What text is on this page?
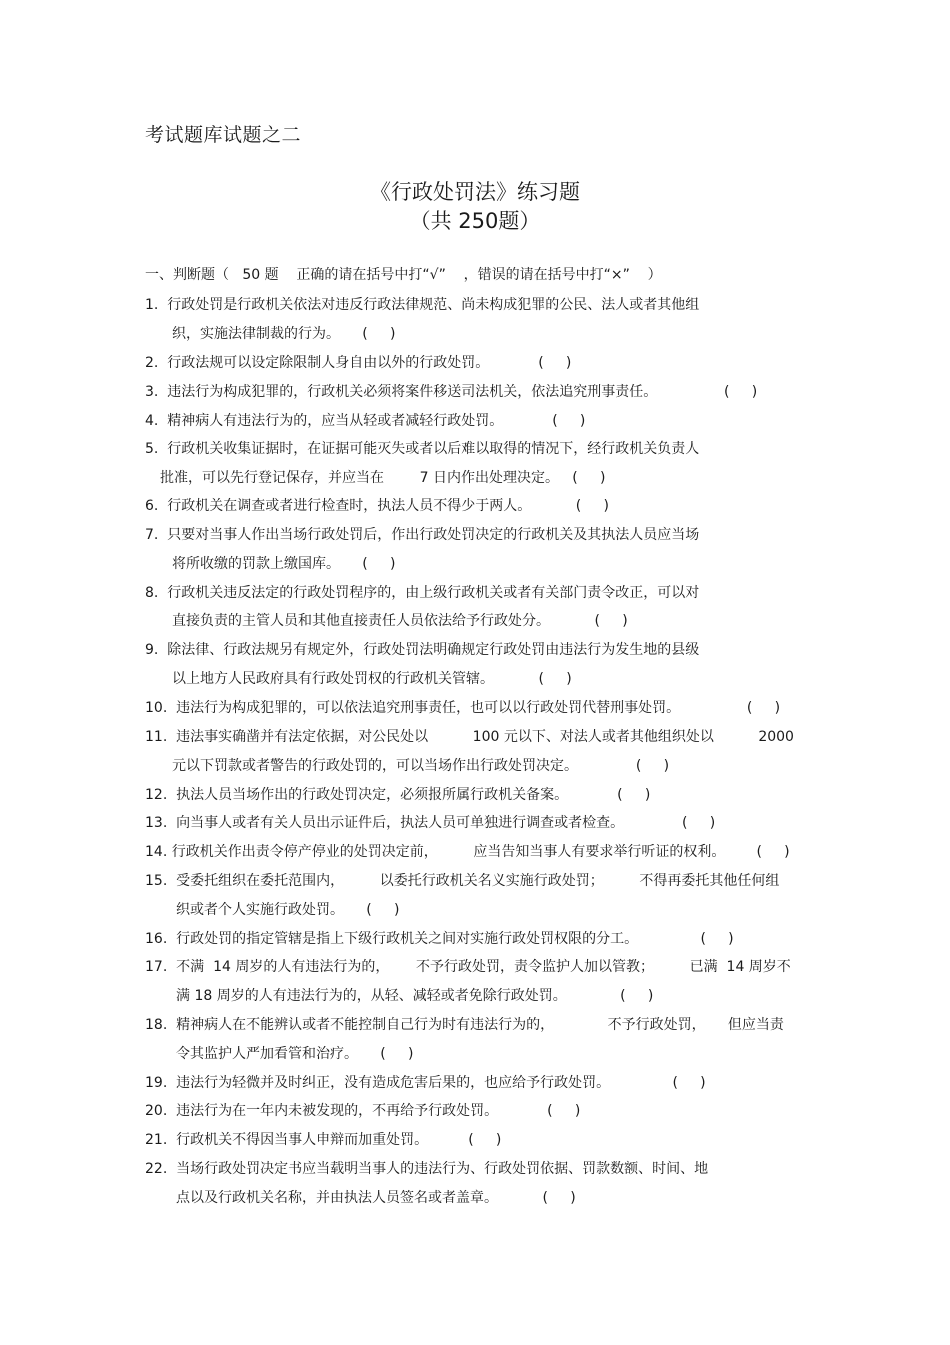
考试题库试题之二
《行政处罚法》练习题
（共 250题）
一、判断题（   50 题    正确的请在括号中打“√”    ，错误的请在括号中打“×”    ）
1.  行政处罚是行政机关依法对违反行政法律规范、尚未构成犯罪的公民、法人或者其他组
织，实施法律制裁的行为。     (     )
2.  行政法规可以设定除限制人身自由以外的行政处罚。           (     )
3.  违法行为构成犯罪的，行政机关必须将案件移送司法机关，依法追究刑事责任。               (     )
4.  精神病人有违法行为的，应当从轻或者减轻行政处罚。           (     )
5.  行政机关收集证据时，在证据可能灭失或者以后难以取得的情况下，经行政机关负责人
批准，可以先行登记保存，并应当在        7 日内作出处理决定。   (     )
6.  行政机关在调查或者进行检查时，执法人员不得少于两人。          (     )
7.  只要对当事人作出当场行政处罚后，作出行政处罚决定的行政机关及其执法人员应当场
将所收缴的罚款上缴国库。     (     )
8.  行政机关违反法定的行政处罚程序的，由上级行政机关或者有关部门责令改正，可以对
直接负责的主管人员和其他直接责任人员依法给予行政处分。          (     )
9.  除法律、行政法规另有规定外，行政处罚法明确规定行政处罚由违法行为发生地的县级
以上地方人民政府具有行政处罚权的行政机关管辖。          (     )
10.  违法行为构成犯罪的，可以依法追究刑事责任，也可以以行政处罚代替刑事处罚。               (     )
11.  违法事实确凿并有法定依据，对公民处以          100 元以下、对法人或者其他组织处以          2000
元以下罚款或者警告的行政处罚的，可以当场作出行政处罚决定。             (     )
12.  执法人员当场作出的行政处罚决定，必须报所属行政机关备案。           (     )
13.  向当事人或者有关人员出示证件后，执法人员可单独进行调查或者检查。             (     )
14. 行政机关作出责令停产停业的处罚决定前，        应当告知当事人有要求举行听证的权利。       (     )
15.  受委托组织在委托范围内，        以委托行政机关名义实施行政处罚；        不得再委托其他任何组
织或者个人实施行政处罚。     (     )
16.  行政处罚的指定管辖是指上下级行政机关之间对实施行政处罚权限的分工。              (     )
17.  不满  14 周岁的人有违法行为的，      不予行政处罚，责令监护人加以管教；        已满  14 周岁不
满 18 周岁的人有违法行为的，从轻、减轻或者免除行政处罚。            (     )
18.  精神病人在不能辨认或者不能控制自己行为时有违法行为的，            不予行政处罚，     但应当责
令其监护人严加看管和治疗。     (     )
19.  违法行为轻微并及时纠正，没有造成危害后果的，也应给予行政处罚。              (     )
20.  违法行为在一年内未被发现的，不再给予行政处罚。           (     )
21.  行政机关不得因当事人申辩而加重处罚。         (     )
22.  当场行政处罚决定书应当载明当事人的违法行为、行政处罚依据、罚款数额、时间、地
点以及行政机关名称，并由执法人员签名或者盖章。          (     )
